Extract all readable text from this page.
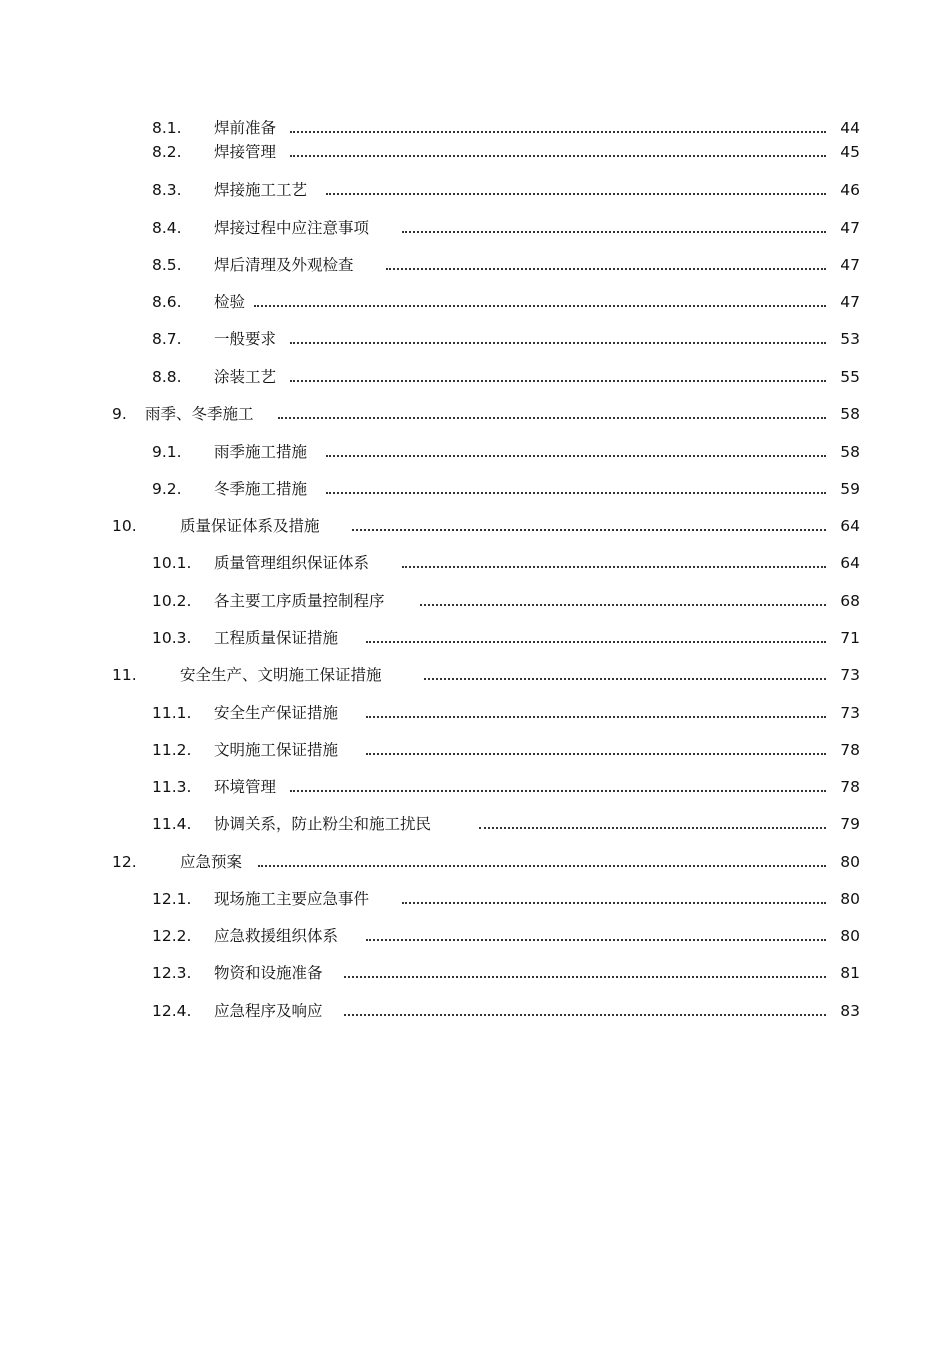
8.1. 焊前准备	44
8.2. 焊接管理	45
8.3. 焊接施工工艺	46
8.4. 焊接过程中应注意事项	47
8.5. 焊后清理及外观检查	47
8.6. 检验	47
8.7. 一般要求	53
8.8. 涂装工艺	55
9. 雨季、冬季施工	58
9.1. 雨季施工措施	58
9.2. 冬季施工措施	59
10.	质量保证体系及措施	64
10.1. 质量管理组织保证体系	64
10.2. 各主要工序质量控制程序	68
10.3. 工程质量保证措施	71
11.	安全生产、文明施工保证措施	73
11.1. 安全生产保证措施	73
11.2. 文明施工保证措施	78
11.3. 环境管理	78
11.4. 协调关系，防止粉尘和施工扰民	79
12.	应急预案	80
12.1. 现场施工主要应急事件	80
12.2. 应急救援组织体系	80
12.3. 物资和设施准备	81
12.4. 应急程序及响应	83
